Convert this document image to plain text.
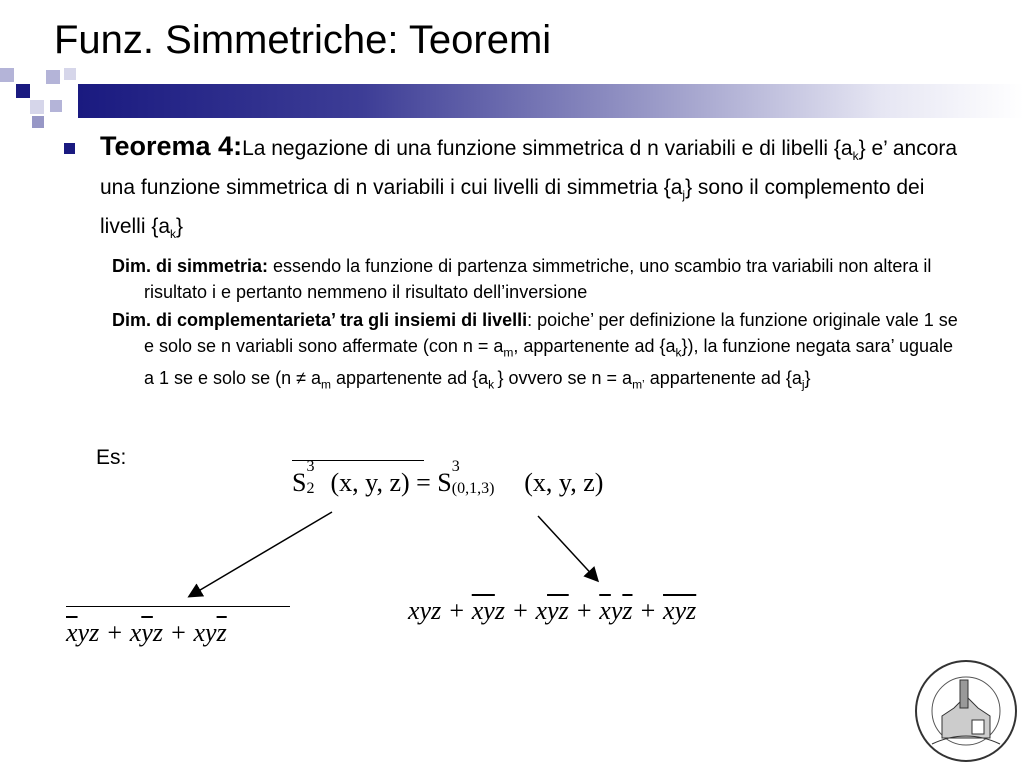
Funz. Simmetriche: Teoremi
Teorema 4:La negazione di una funzione simmetrica d n variabili e di libelli $\{a_k\}$ e’ ancora una funzione simmetrica di n variabili i cui livelli di simmetria $\{a_j\}$ sono il complemento dei livelli $\{a_k\}$
Dim. di simmetria: essendo la funzione di partenza simmetriche, uno scambio tra variabili non altera il risultato i e pertanto nemmeno il risultato dell’inversione
Dim. di complementarieta’ tra gli insiemi di livelli: poiche’ per definizione la funzione originale vale 1 se e solo se n variabli sono affermate (con $n = a_m$, appartenente ad $\{a_k\}$), la funzione negata sara’ uguale a 1 se e solo se ($n \ne a_m$ appartenente ad {$a_k$ } ovvero se $n = a_{m’}$ appartenente ad $\{a_j\}$
Es:
S
3
2 (x, y, z) = S
3
(0,1,3) (x, y, z)
$\overline{x}yz + x\overline{y}z + xy\overline{z}$
xyz + $\overline{xy}z + x\overline{yz} + \overline{x}y\overline{z} + \overline{xyz}$
